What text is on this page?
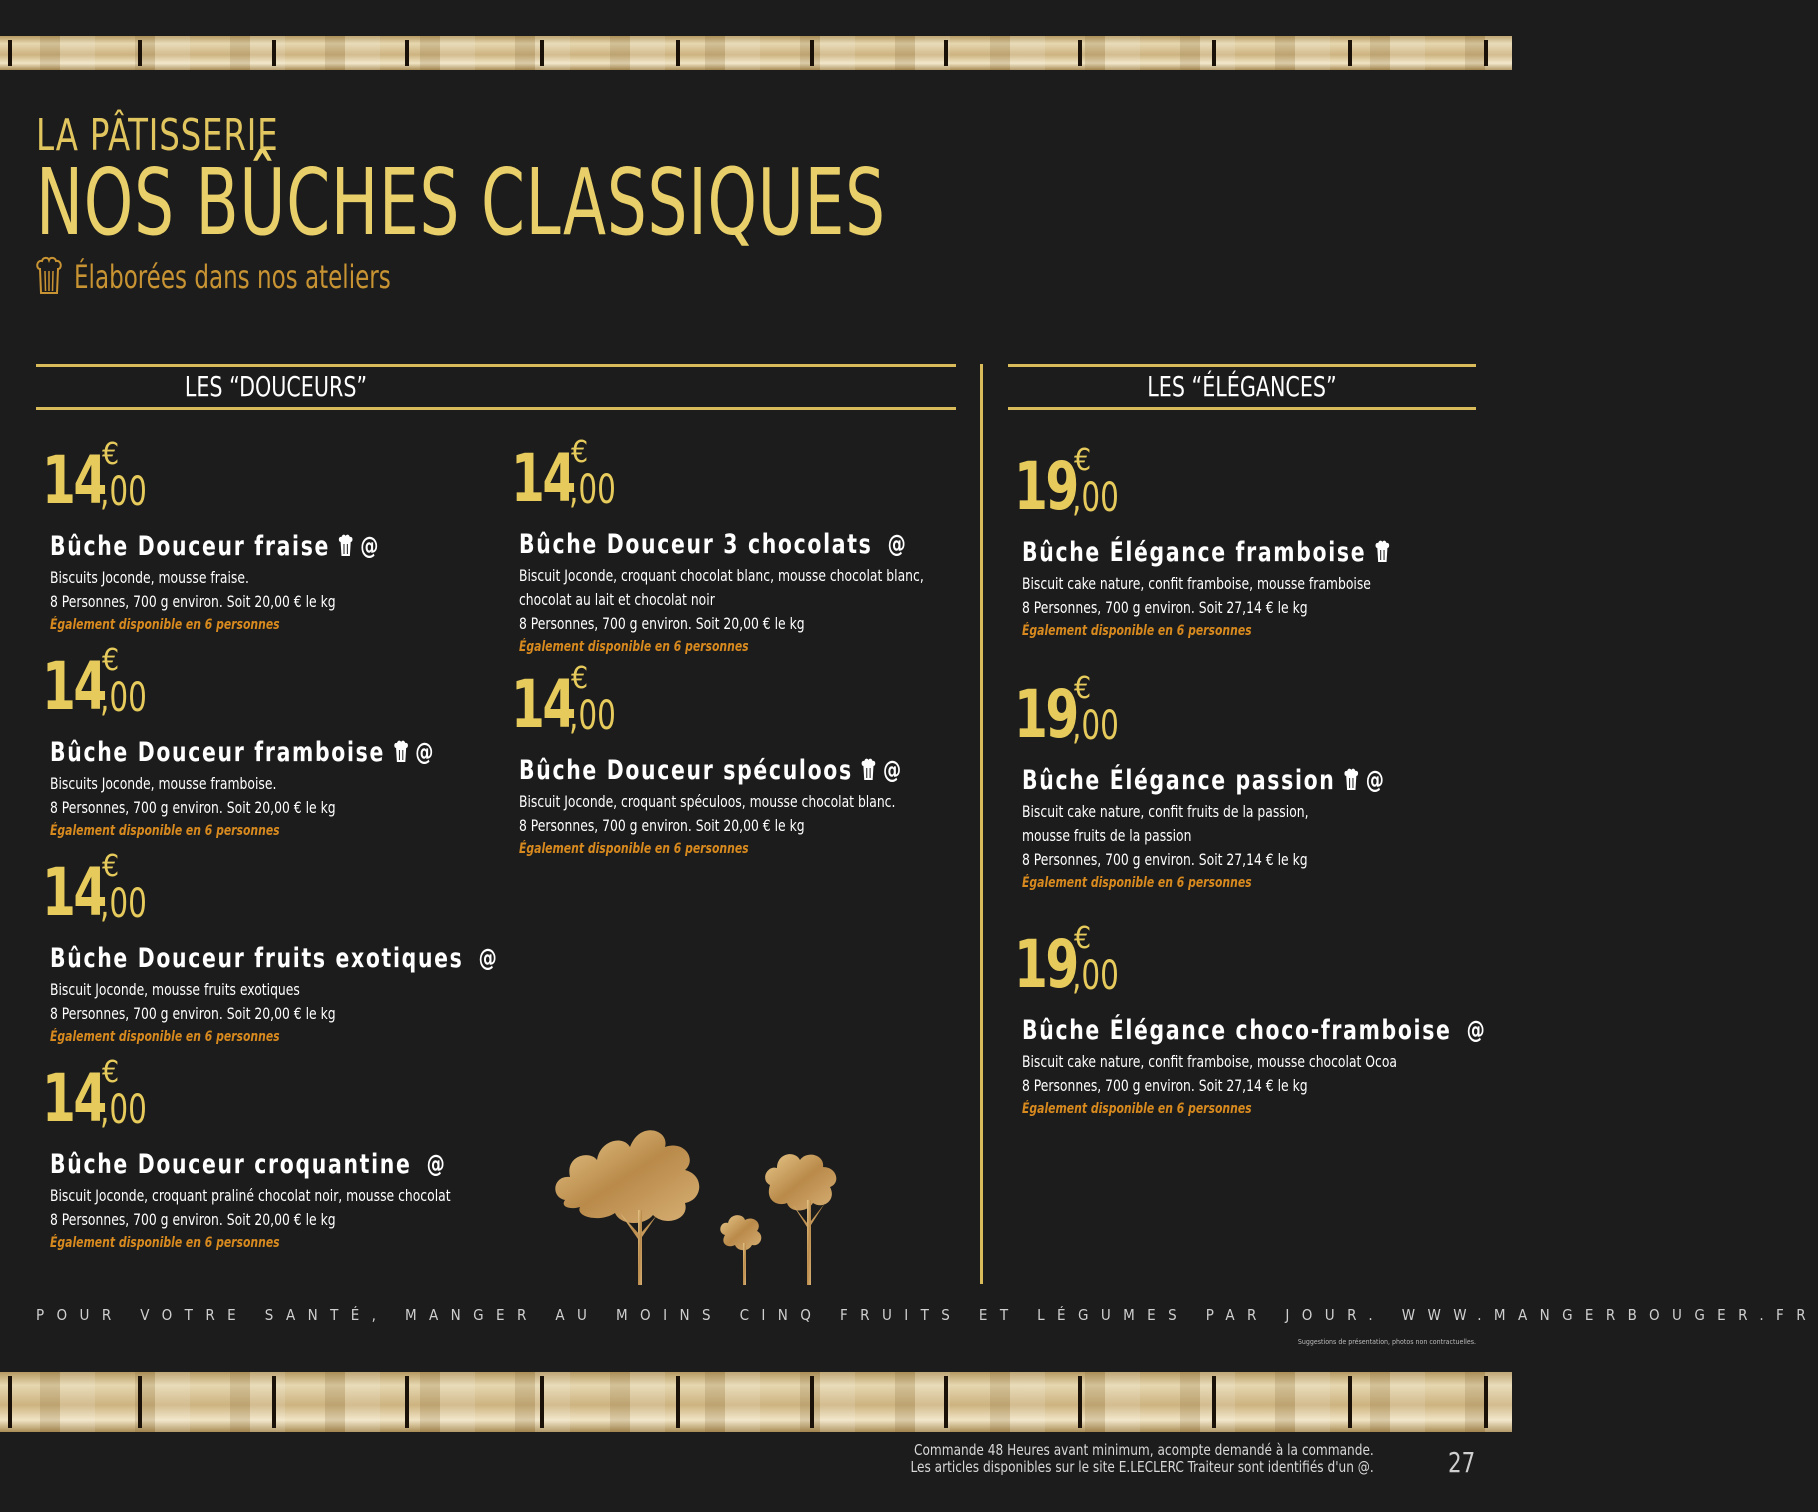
LA PÂTISSERIE
NOS BÛCHES CLASSIQUES
Élaborées dans nos ateliers
LES “DOUCEURS”	LES “ÉLÉGANCES”
14
€
,00
Bûche Douceur fraise @
Biscuits Joconde, mousse fraise.
8 Personnes, 700 g environ. Soit 20,00 € le kg
Également disponible en 6 personnes
14
€
,00
Bûche Douceur framboise @
Biscuits Joconde, mousse framboise.
8 Personnes, 700 g environ. Soit 20,00 € le kg
Également disponible en 6 personnes
14
€
,00
Bûche Douceur fruits exotiques @
Biscuit Joconde, mousse fruits exotiques
8 Personnes, 700 g environ. Soit 20,00 € le kg
Également disponible en 6 personnes
14
€
,00
Bûche Douceur croquantine @
Biscuit Joconde, croquant praliné chocolat noir, mousse chocolat
8 Personnes, 700 g environ. Soit 20,00 € le kg
Également disponible en 6 personnes
14
€
,00
Bûche Douceur 3 chocolats @
Biscuit Joconde, croquant chocolat blanc, mousse chocolat blanc, chocolat au lait et chocolat noir
8 Personnes, 700 g environ. Soit 20,00 € le kg
Également disponible en 6 personnes
14
€
,00
Bûche Douceur spéculoos @
Biscuit Joconde, croquant spéculoos, mousse chocolat blanc.
8 Personnes, 700 g environ. Soit 20,00 € le kg
Également disponible en 6 personnes
19
€
,00
Bûche Élégance framboise
Biscuit cake nature, confit framboise, mousse framboise
8 Personnes, 700 g environ. Soit 27,14 € le kg
Également disponible en 6 personnes
19
€
,00
Bûche Élégance passion @
Biscuit cake nature, confit fruits de la passion, mousse fruits de la passion
8 Personnes, 700 g environ. Soit 27,14 € le kg
Également disponible en 6 personnes
19
€
,00
Bûche Élégance choco-framboise @
Biscuit cake nature, confit framboise, mousse chocolat Ocoa
8 Personnes, 700 g environ. Soit 27,14 € le kg
Également disponible en 6 personnes
POUR VOTRE SANTÉ, MANGER AU MOINS CINQ FRUITS ET LÉGUMES PAR JOUR. WWW.MANGERBOUGER.FR
Suggestions de présentation, photos non contractuelles.
Commande 48 Heures avant minimum, acompte demandé à la commande.
Les articles disponibles sur le site E.LECLERC Traiteur sont identifiés d'un @.	27
